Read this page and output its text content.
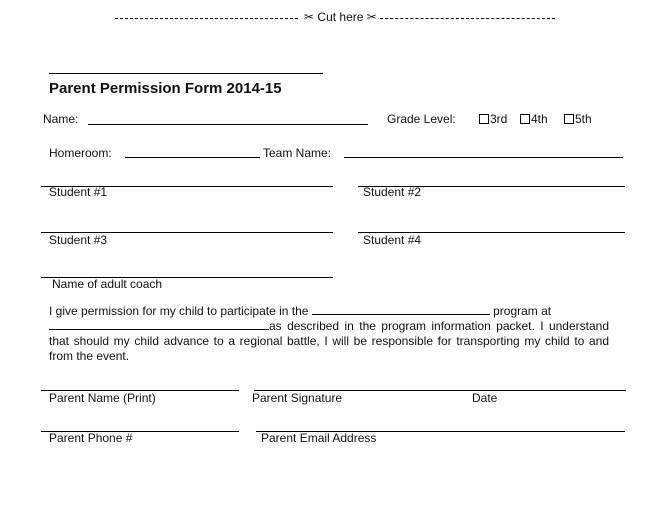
✂ Cut here ✂
Parent Permission Form 2014-15
Name:	Grade Level:	3rd	4th	5th
Homeroom:	Team Name:
Student #1	Student #2
Student #3	Student #4
Name of adult coach
I give permission for my child to participate in the	program at
as described in the program information packet. I understand that should my child advance to a regional battle, I will be responsible for transporting my child to and from the event.
Parent Name (Print)	Parent Signature	Date
Parent Phone #	Parent Email Address
